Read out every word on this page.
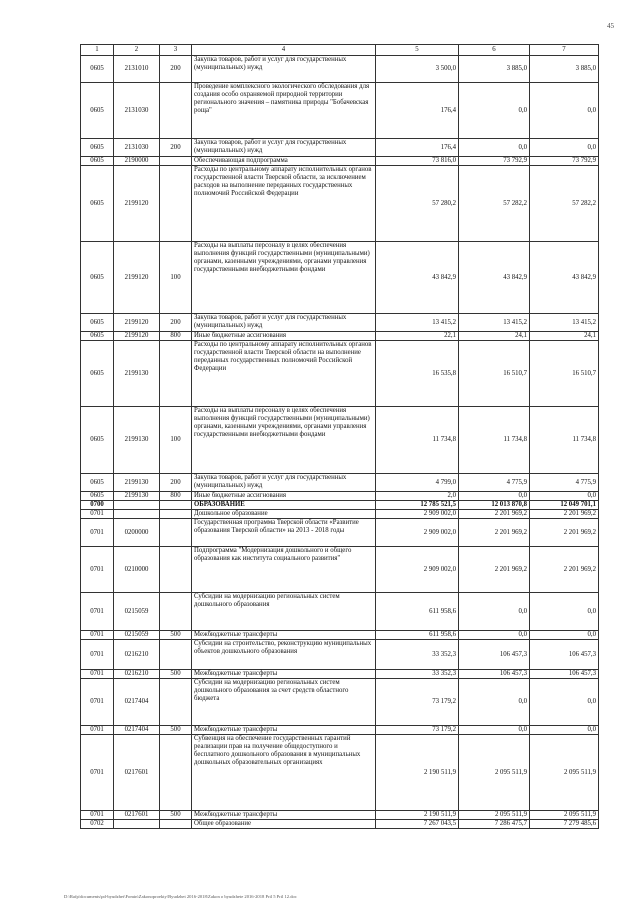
45
1	2	3	4	5	6	7
0605	2131010	200	Закупка товаров, работ и услуг для государственных (муниципальных) нужд	3 500,0	3 885,0	3 885,0
0605	2131030		Проведение комплексного экологического обследования для создания особо охраняемой природной территории регионального значения – памятника природы "Бобачевская роща"	176,4	0,0	0,0
0605	2131030	200	Закупка товаров, работ и услуг для государственных (муниципальных) нужд	176,4	0,0	0,0
0605	2190000		Обеспечивающая подпрограмма	73 816,0	73 792,9	73 792,9
0605	2199120		Расходы по центральному аппарату исполнительных органов государственной власти Тверской области, за исключением расходов на выполнение переданных государственных полномочий Российской Федерации	57 280,2	57 282,2	57 282,2
0605	2199120	100	Расходы на выплаты персоналу в целях обеспечения выполнения функций государственными (муниципальными) органами, казенными учреждениями, органами управления государственными внебюджетными фондами	43 842,9	43 842,9	43 842,9
0605	2199120	200	Закупка товаров, работ и услуг для государственных (муниципальных) нужд	13 415,2	13 415,2	13 415,2
0605	2199120	800	Иные бюджетные ассигнования	22,1	24,1	24,1
0605	2199130		Расходы по центральному аппарату исполнительных органов государственной власти Тверской области на выполнение переданных государственных полномочий Российской Федерации	16 535,8	16 510,7	16 510,7
0605	2199130	100	Расходы на выплаты персоналу в целях обеспечения выполнения функций государственными (муниципальными) органами, казенными учреждениями, органами управления государственными внебюджетными фондами	11 734,8	11 734,8	11 734,8
0605	2199130	200	Закупка товаров, работ и услуг для государственных (муниципальных) нужд	4 799,0	4 775,9	4 775,9
0605	2199130	800	Иные бюджетные ассигнования	2,0	0,0	0,0
0700			ОБРАЗОВАНИЕ	12 785 521,5	12 013 870,8	12 049 701,1
0701			Дошкольное образование	2 909 002,0	2 201 969,2	2 201 969,2
0701	0200000		Государственная программа Тверской области «Развитие образования Тверской области» на 2013 - 2018 годы	2 909 002,0	2 201 969,2	2 201 969,2
0701	0210000		Подпрограмма "Модернизация дошкольного и общего образования как института социального развития"	2 909 002,0	2 201 969,2	2 201 969,2
0701	0215059		Субсидии на модернизацию региональных систем дошкольного образования	611 958,6	0,0	0,0
0701	0215059	500	Межбюджетные трансферты	611 958,6	0,0	0,0
0701	0216210		Субсидии на строительство, реконструкцию муниципальных объектов дошкольного образования	33 352,3	106 457,3	106 457,3
0701	0216210	500	Межбюджетные трансферты	33 352,3	106 457,3	106 457,3
0701	0217404		Субсидии на модернизацию региональных систем дошкольного образования за счет средств областного бюджета	73 179,2	0,0	0,0
0701	0217404	500	Межбюджетные трансферты	73 179,2	0,0	0,0
0701	0217601		Субвенция на обеспечение государственных гарантий реализации прав на получение общедоступного и бесплатного дошкольного образования в муниципальных дошкольных образовательных организациях	2 190 511,9	2 095 511,9	2 095 511,9
0701	0217601	500	Межбюджетные трансферты	2 190 511,9	2 095 511,9	2 095 511,9
0702			Общее образование	7 267 043,5	7 286 475,7	7 279 485,6
D:\Rafp\documents\pd-byudzhet\Fomin\Zakonoproekty\Byudzhet 2016-2018\Zakon o byudzhete 2016-2018 Pril 5 Pril 12.doc
